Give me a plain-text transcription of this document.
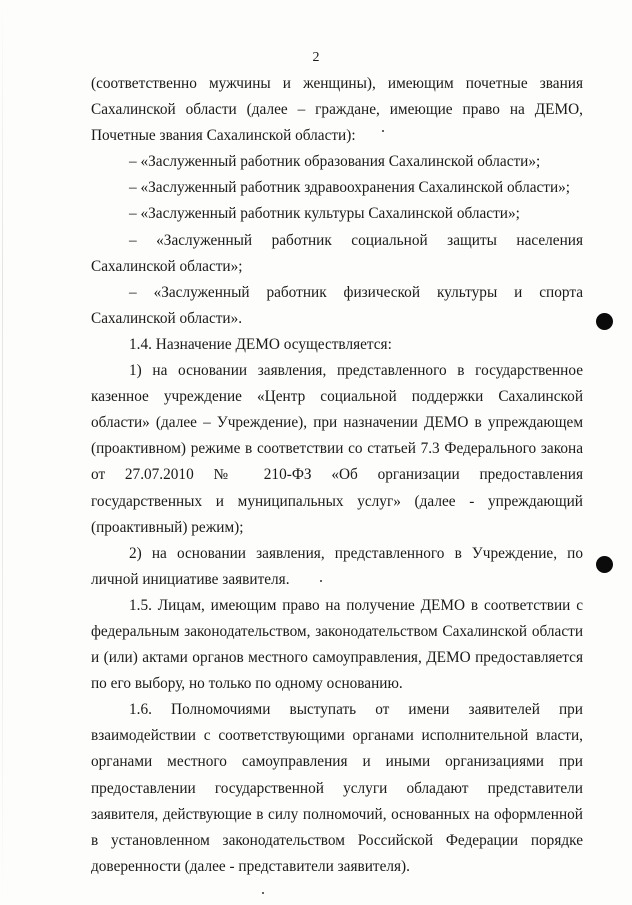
2

(соответственно мужчины и женщины), имеющим почетные звания Сахалинской области (далее – граждане, имеющие право на ДЕМО, Почетные звания Сахалинской области):

– «Заслуженный работник образования Сахалинской области»;

– «Заслуженный работник здравоохранения Сахалинской области»;

– «Заслуженный работник культуры Сахалинской области»;

– «Заслуженный работник социальной защиты населения Сахалинской области»;

– «Заслуженный работник физической культуры и спорта Сахалинской области».

1.4. Назначение ДЕМО осуществляется:

1) на основании заявления, представленного в государственное казенное учреждение «Центр социальной поддержки Сахалинской области» (далее – Учреждение), при назначении ДЕМО в упреждающем (проактивном) режиме в соответствии со статьей 7.3 Федерального закона от 27.07.2010 № 210-ФЗ «Об организации предоставления государственных и муниципальных услуг» (далее - упреждающий (проактивный) режим);

2) на основании заявления, представленного в Учреждение, по личной инициативе заявителя.

1.5. Лицам, имеющим право на получение ДЕМО в соответствии с федеральным законодательством, законодательством Сахалинской области и (или) актами органов местного самоуправления, ДЕМО предоставляется по его выбору, но только по одному основанию.

1.6. Полномочиями выступать от имени заявителей при взаимодействии с соответствующими органами исполнительной власти, органами местного самоуправления и иными организациями при предоставлении государственной услуги обладают представители заявителя, действующие в силу полномочий, основанных на оформленной в установленном законодательством Российской Федерации порядке доверенности (далее - представители заявителя).
